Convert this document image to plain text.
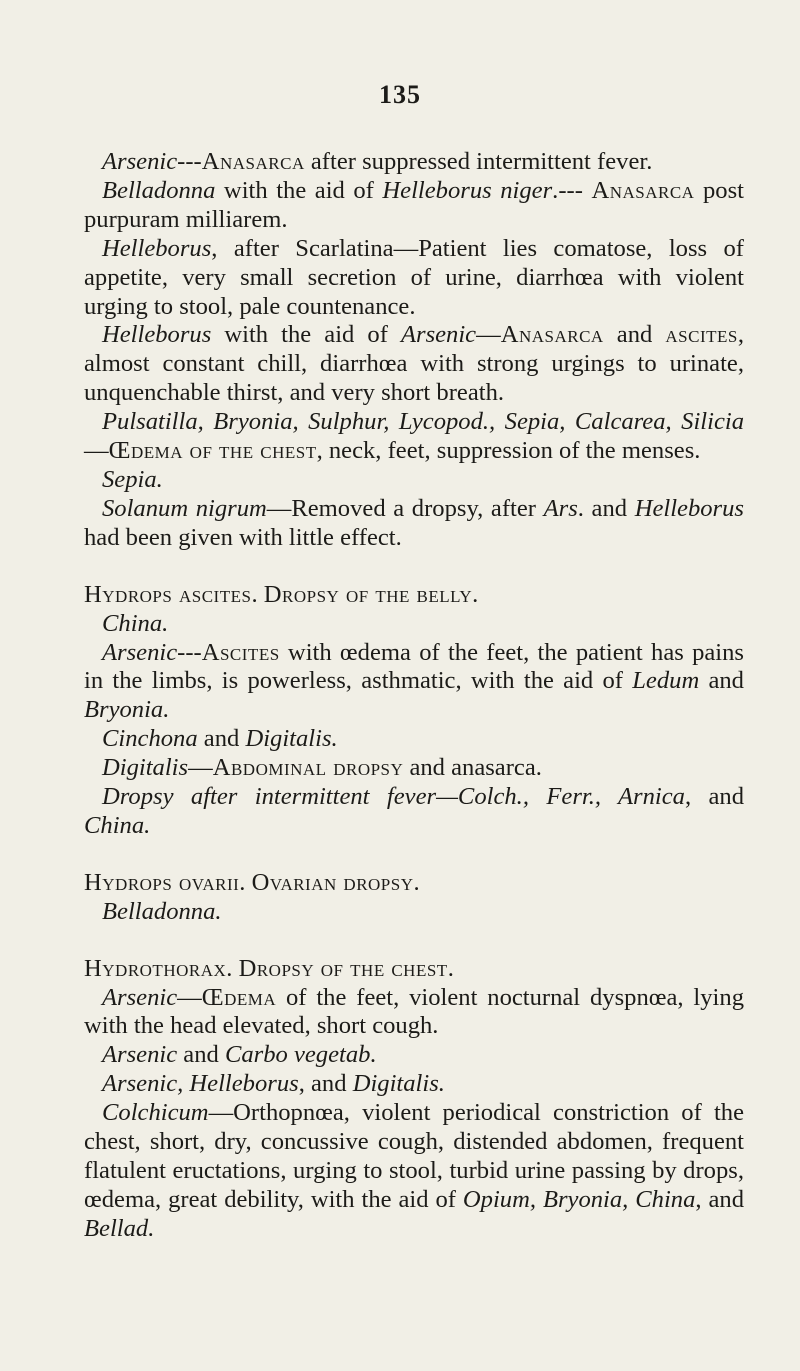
135

Arsenic---Anasarca after suppressed intermittent fever.

Belladonna with the aid of Helleborus niger.--- Anasarca post purpuram milliarem.

Helleborus, after Scarlatina—Patient lies comatose, loss of appetite, very small secretion of urine, diarrhœa with violent urging to stool, pale countenance.

Helleborus with the aid of Arsenic—Anasarca and ascites, almost constant chill, diarrhœa with strong urgings to urinate, unquenchable thirst, and very short breath.

Pulsatilla, Bryonia, Sulphur, Lycopod., Sepia, Calcarea, Silicia—Œdema of the chest, neck, feet, suppression of the menses.

Sepia.

Solanum nigrum—Removed a dropsy, after Ars. and Helleborus had been given with little effect.

Hydrops ascites. Dropsy of the belly.

China.

Arsenic---Ascites with œdema of the feet, the patient has pains in the limbs, is powerless, asthmatic, with the aid of Ledum and Bryonia.

Cinchona and Digitalis.

Digitalis—Abdominal dropsy and anasarca.

Dropsy after intermittent fever—Colch., Ferr., Arnica, and China.

Hydrops ovarii. Ovarian dropsy.

Belladonna.

Hydrothorax. Dropsy of the chest.

Arsenic—Œdema of the feet, violent nocturnal dyspnœa, lying with the head elevated, short cough.

Arsenic and Carbo vegetab.

Arsenic, Helleborus, and Digitalis.

Colchicum—Orthopnœa, violent periodical constriction of the chest, short, dry, concussive cough, distended abdomen, frequent flatulent eructations, urging to stool, turbid urine passing by drops, œdema, great debility, with the aid of Opium, Bryonia, China, and Bellad.
